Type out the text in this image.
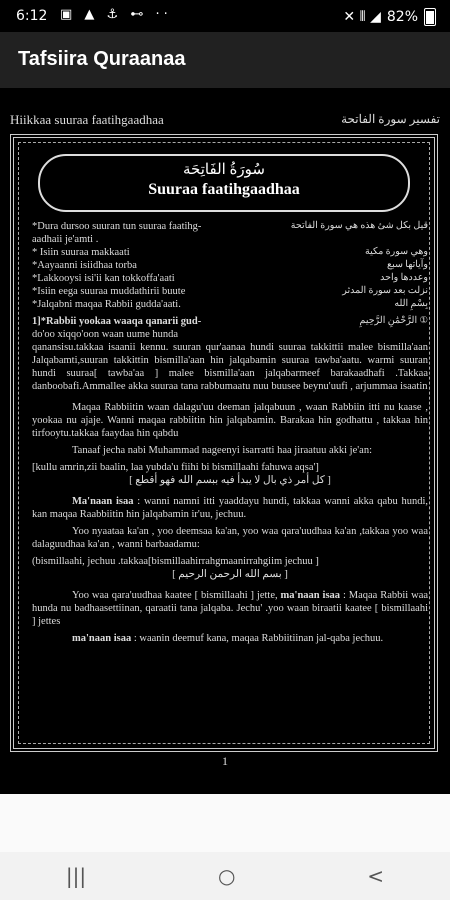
6:12 ▣ ▲ ⚓ ⊷ ··	✕ ⦀ ◢ 82%
Tafsiira Quraanaa
Hiikkaa suuraa faatihgaadhaa	تفسير سورة الفاتحة
سُورَةُ الفَاتِحَة
Suuraa faatihgaadhaa
*Dura dursoo suuran tun suuraa faatihg-	قيل بكل شئ هذه هي سورة الفاتحة
aadhaii je'amti .
* Isiin suuraa makkaati	وهي سورة مكية
*Aayaanni isiidhaa torba	وآياتها سبع
*Lakkooysi isi'ii kan tokkoffa'aati	وعددها واحد
*Isiin eega suuraa muddathirii buute	نزلت بعد سورة المدثر
*Jalqabni maqaa Rabbii gudda'aati.	بِسْمِ الله
1]*Rabbii yookaa waaqa qanarii gud-	الرَّحْمَٰنِ الرَّحِيمِ ①
do'oo xiqqo'oon waan uume hunda
qanansisu.takkaa isaanii kennu. suuran qur'aanaa hundi suuraa takkittii malee bismilla'aan Jalqabamti,suuran takkittin bismilla'aan hin jalqabamin suuraa tawba'aatu. warmi suuran hundi suuraa[ tawba'aa ] malee bismilla'aan jalqabarmeef barakaadhafi .Takkaa danboobafi.Ammallee akka suuraa tana rabbumaatu nuu buusee beynu'uufi , arjummaa isaatin
Maqaa Rabbiitin waan dalagu'uu deeman jalqabuun , waan Rabbiin itti nu kaase , yookaa nu ajaje. Wanni maqaa rabbiitin hin jalqabamin. Barakaa hin godhattu , takkaa hin tirfooytu.takkaa faaydaa hin qabdu
Tanaaf jecha nabi Muhammad nageenyi isarratti haa jiraatuu akki je'an:
[kullu amrin,zii baalin, laa yubda'u fiihi bi bismillaahi fahuwa aqsa']
[ كل أمر ذي بال لا يبدأ فيه ببسم الله فهو أقطع ]
Ma'naan isaa : wanni namni itti yaaddayu hundi, takkaa wanni akka qabu hundi, kan maqaa Raabbiitin hin jalqabamin ir'uu, jechuu.
Yoo nyaataa ka'an , yoo deemsaa ka'an, yoo waa qara'uudhaa ka'an ,takkaa yoo waa dalaguudhaa ka'an , wanni barbaadamu:
(bismillaahi, jechuu .takkaa[bismillaahirrahgmaanirrahgiim jechuu ]
[ بسم الله الرحمن الرحيم ]
Yoo waa qara'uudhaa kaatee [ bismillaahi ] jette, ma'naan isaa : Maqaa Rabbii waa hunda nu badhaasettiinan, qaraatii tana jalqaba. Jechu' .yoo waan biraatii kaatee [ bismillaahi ] jettes
ma'naan isaa : waanin deemuf kana, maqaa Rabbiitiinan jal-qaba jechuu.
1
|||	○	<
